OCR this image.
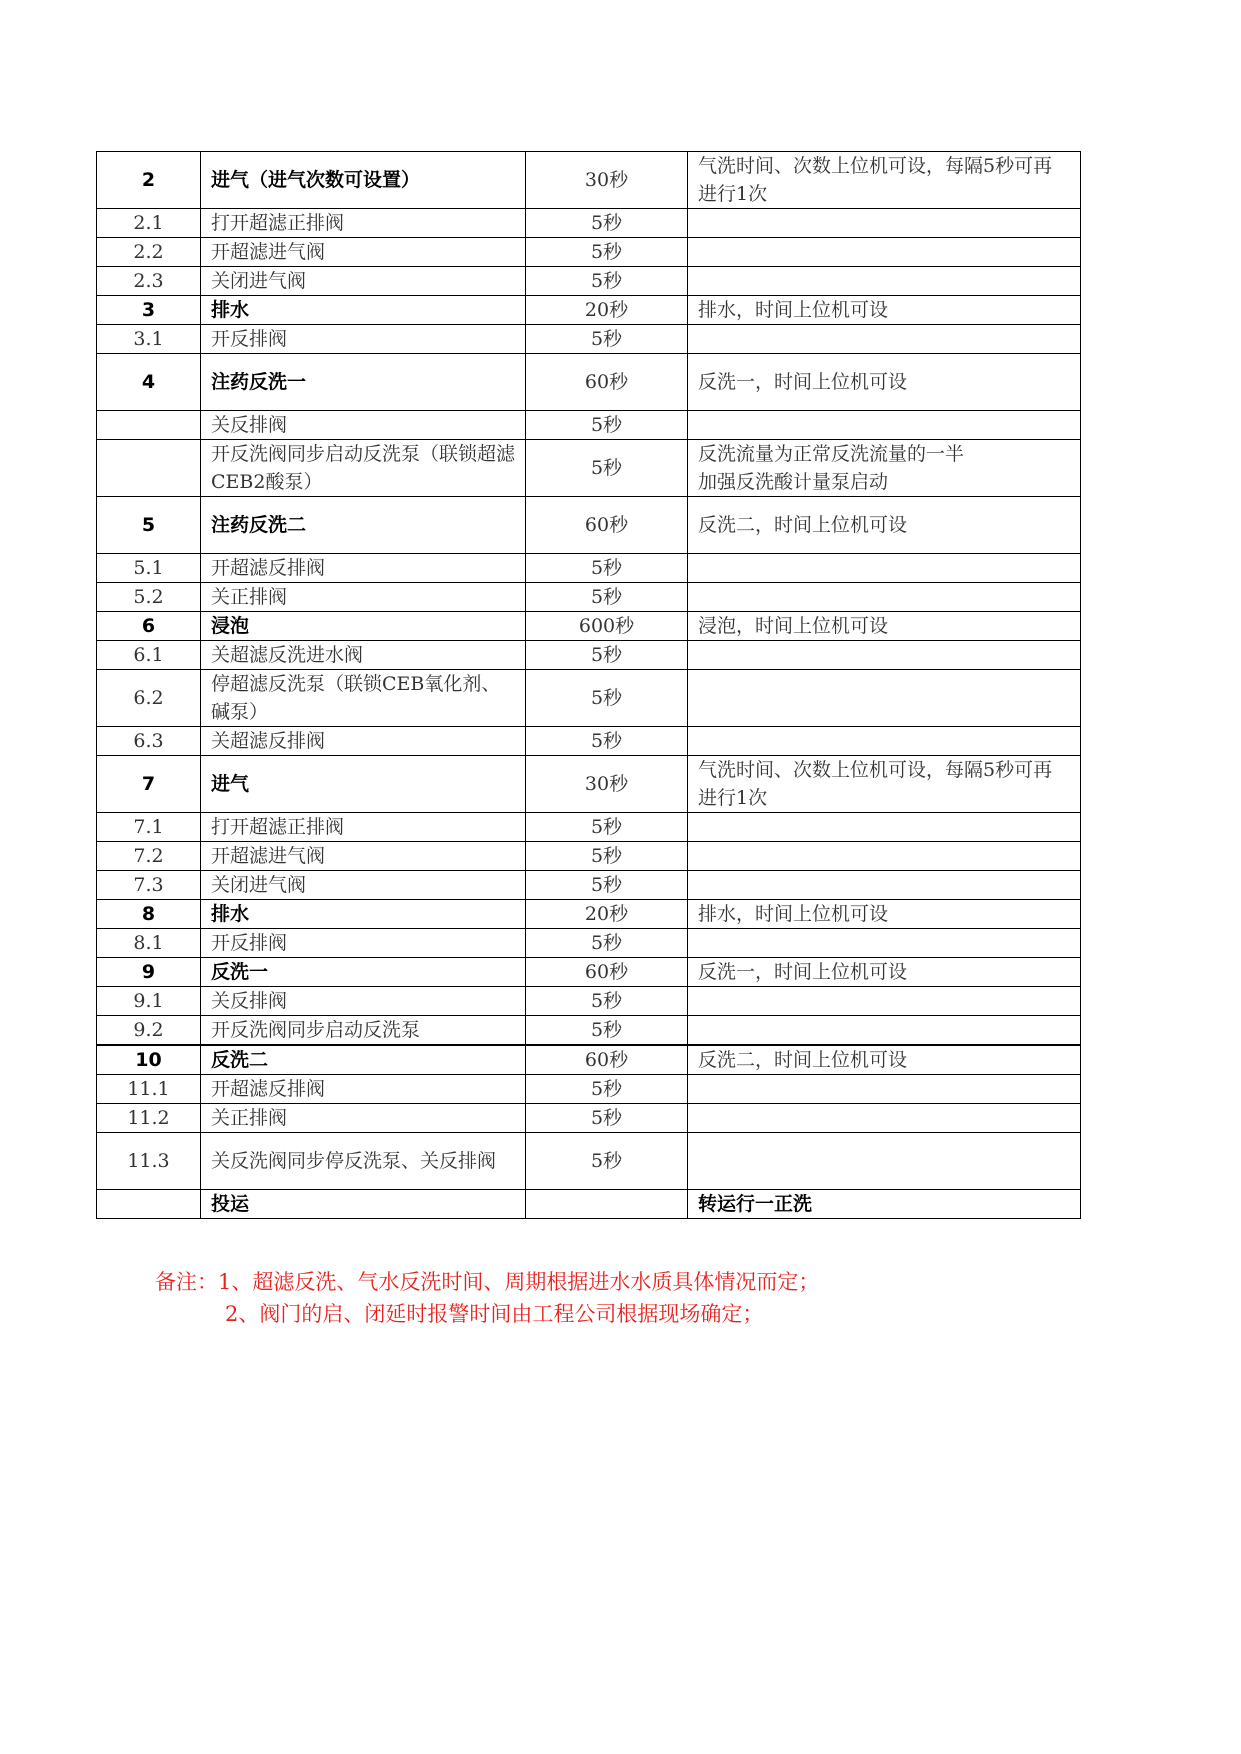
2	进气（进气次数可设置）	30秒	气洗时间、次数上位机可设，每隔5秒可再进行1次
2.1	打开超滤正排阀	5秒	
2.2	开超滤进气阀	5秒	
2.3	关闭进气阀	5秒	
3	排水	20秒	排水，时间上位机可设
3.1	开反排阀	5秒	
4	注药反洗一	60秒	反洗一，时间上位机可设
	关反排阀	5秒	
	开反洗阀同步启动反洗泵（联锁超滤CEB2酸泵）	5秒	反洗流量为正常反洗流量的一半
加强反洗酸计量泵启动
5	注药反洗二	60秒	反洗二，时间上位机可设
5.1	开超滤反排阀	5秒	
5.2	关正排阀	5秒	
6	浸泡	600秒	浸泡，时间上位机可设
6.1	关超滤反洗进水阀	5秒	
6.2	停超滤反洗泵（联锁CEB氧化剂、碱泵）	5秒	
6.3	关超滤反排阀	5秒	
7	进气	30秒	气洗时间、次数上位机可设，每隔5秒可再进行1次
7.1	打开超滤正排阀	5秒	
7.2	开超滤进气阀	5秒	
7.3	关闭进气阀	5秒	
8	排水	20秒	排水，时间上位机可设
8.1	开反排阀	5秒	
9	反洗一	60秒	反洗一，时间上位机可设
9.1	关反排阀	5秒	
9.2	开反洗阀同步启动反洗泵	5秒	
10	反洗二	60秒	反洗二，时间上位机可设
11.1	开超滤反排阀	5秒	
11.2	关正排阀	5秒	
11.3	关反洗阀同步停反洗泵、关反排阀	5秒	
	投运		转运行一正洗
备注：1、超滤反洗、气水反洗时间、周期根据进水水质具体情况而定；
2、阀门的启、闭延时报警时间由工程公司根据现场确定；
